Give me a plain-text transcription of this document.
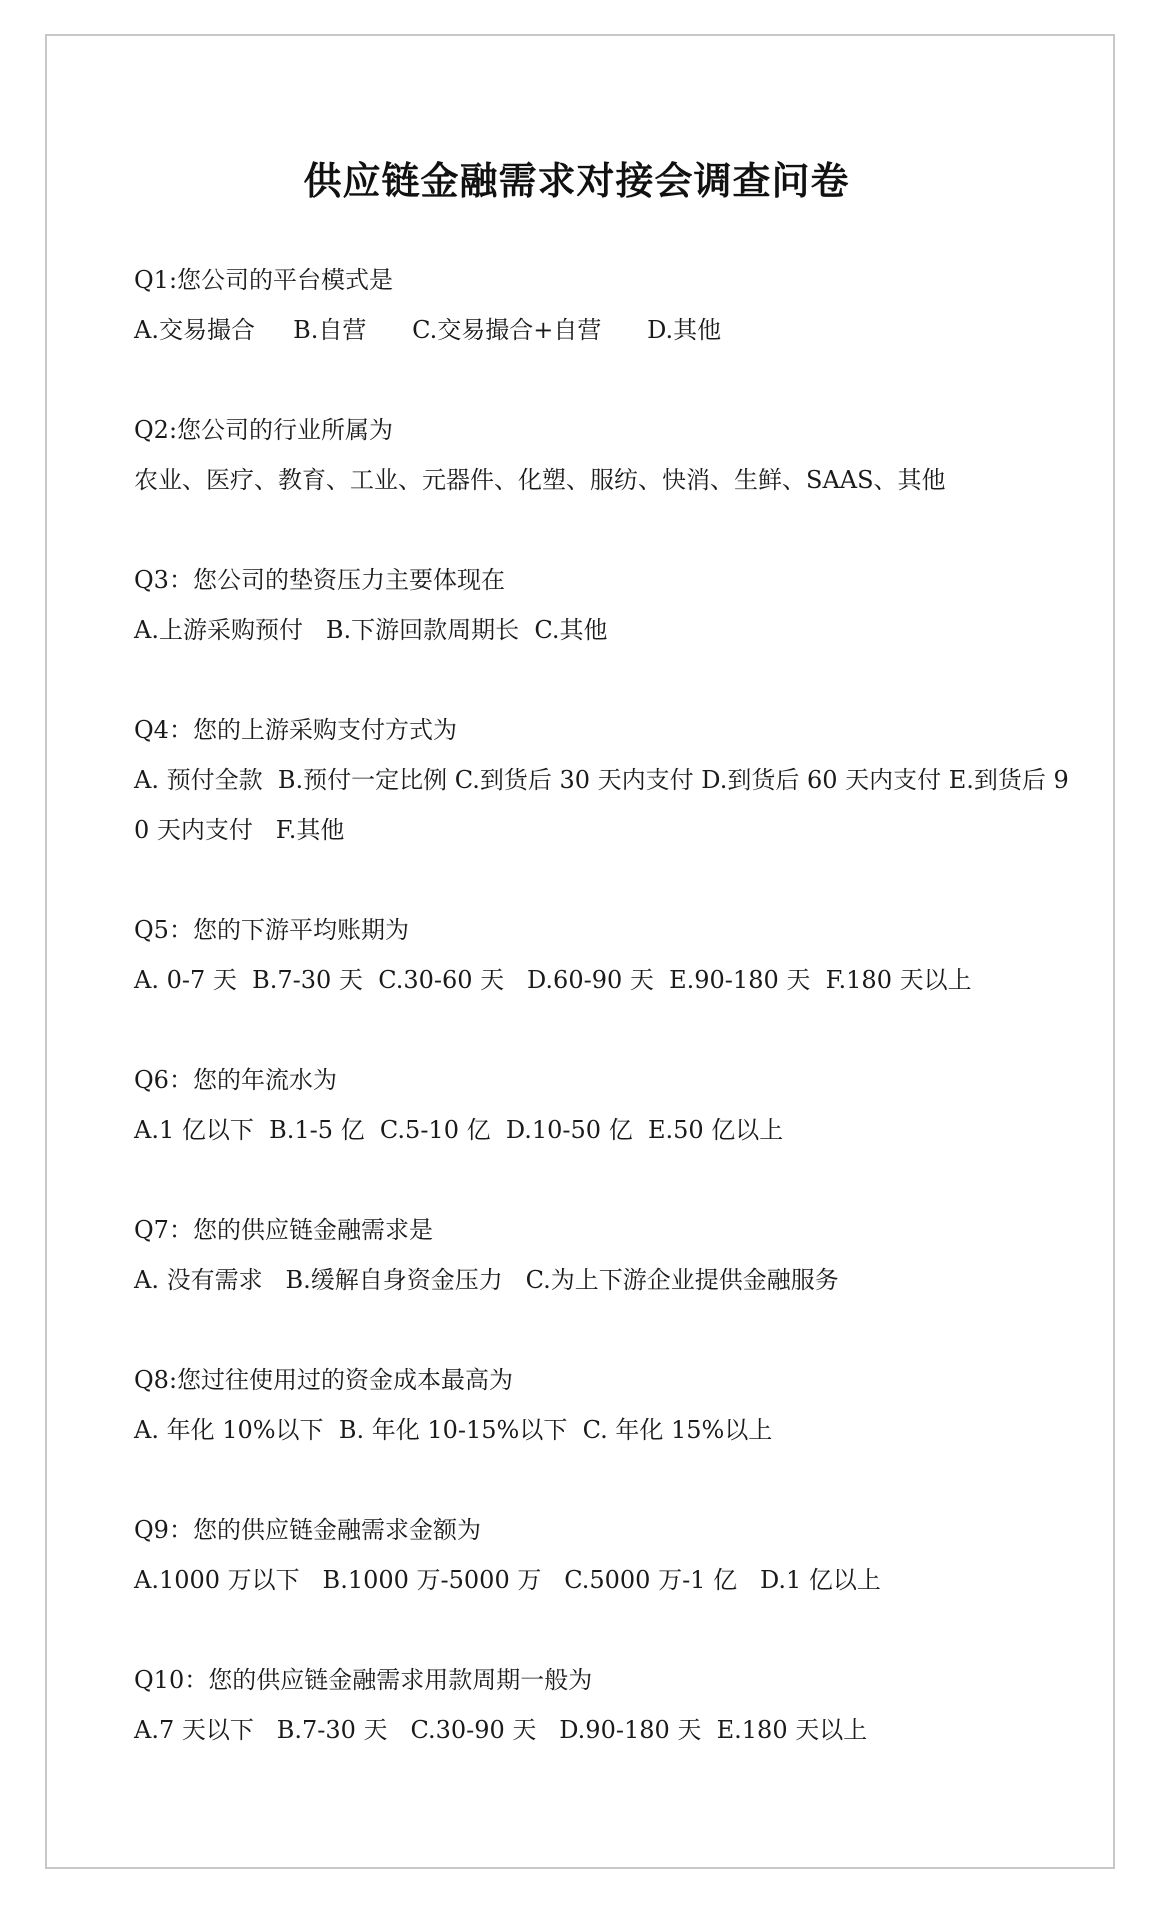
供应链金融需求对接会调查问卷

Q1:您公司的平台模式是

A.交易撮合     B.自营      C.交易撮合+自营      D.其他

Q2:您公司的行业所属为

农业、医疗、教育、工业、元器件、化塑、服纺、快消、生鲜、SAAS、其他

Q3：您公司的垫资压力主要体现在

A.上游采购预付   B.下游回款周期长  C.其他

Q4：您的上游采购支付方式为

A. 预付全款  B.预付一定比例 C.到货后 30 天内支付 D.到货后 60 天内支付 E.到货后 90 天内支付   F.其他

Q5：您的下游平均账期为

A. 0-7 天  B.7-30 天  C.30-60 天   D.60-90 天  E.90-180 天  F.180 天以上

Q6：您的年流水为

A.1 亿以下  B.1-5 亿  C.5-10 亿  D.10-50 亿  E.50 亿以上

Q7：您的供应链金融需求是

A. 没有需求   B.缓解自身资金压力   C.为上下游企业提供金融服务

Q8:您过往使用过的资金成本最高为

A. 年化 10%以下  B. 年化 10-15%以下  C. 年化 15%以上

Q9：您的供应链金融需求金额为

A.1000 万以下   B.1000 万-5000 万   C.5000 万-1 亿   D.1 亿以上

Q10：您的供应链金融需求用款周期一般为

A.7 天以下   B.7-30 天   C.30-90 天   D.90-180 天  E.180 天以上
